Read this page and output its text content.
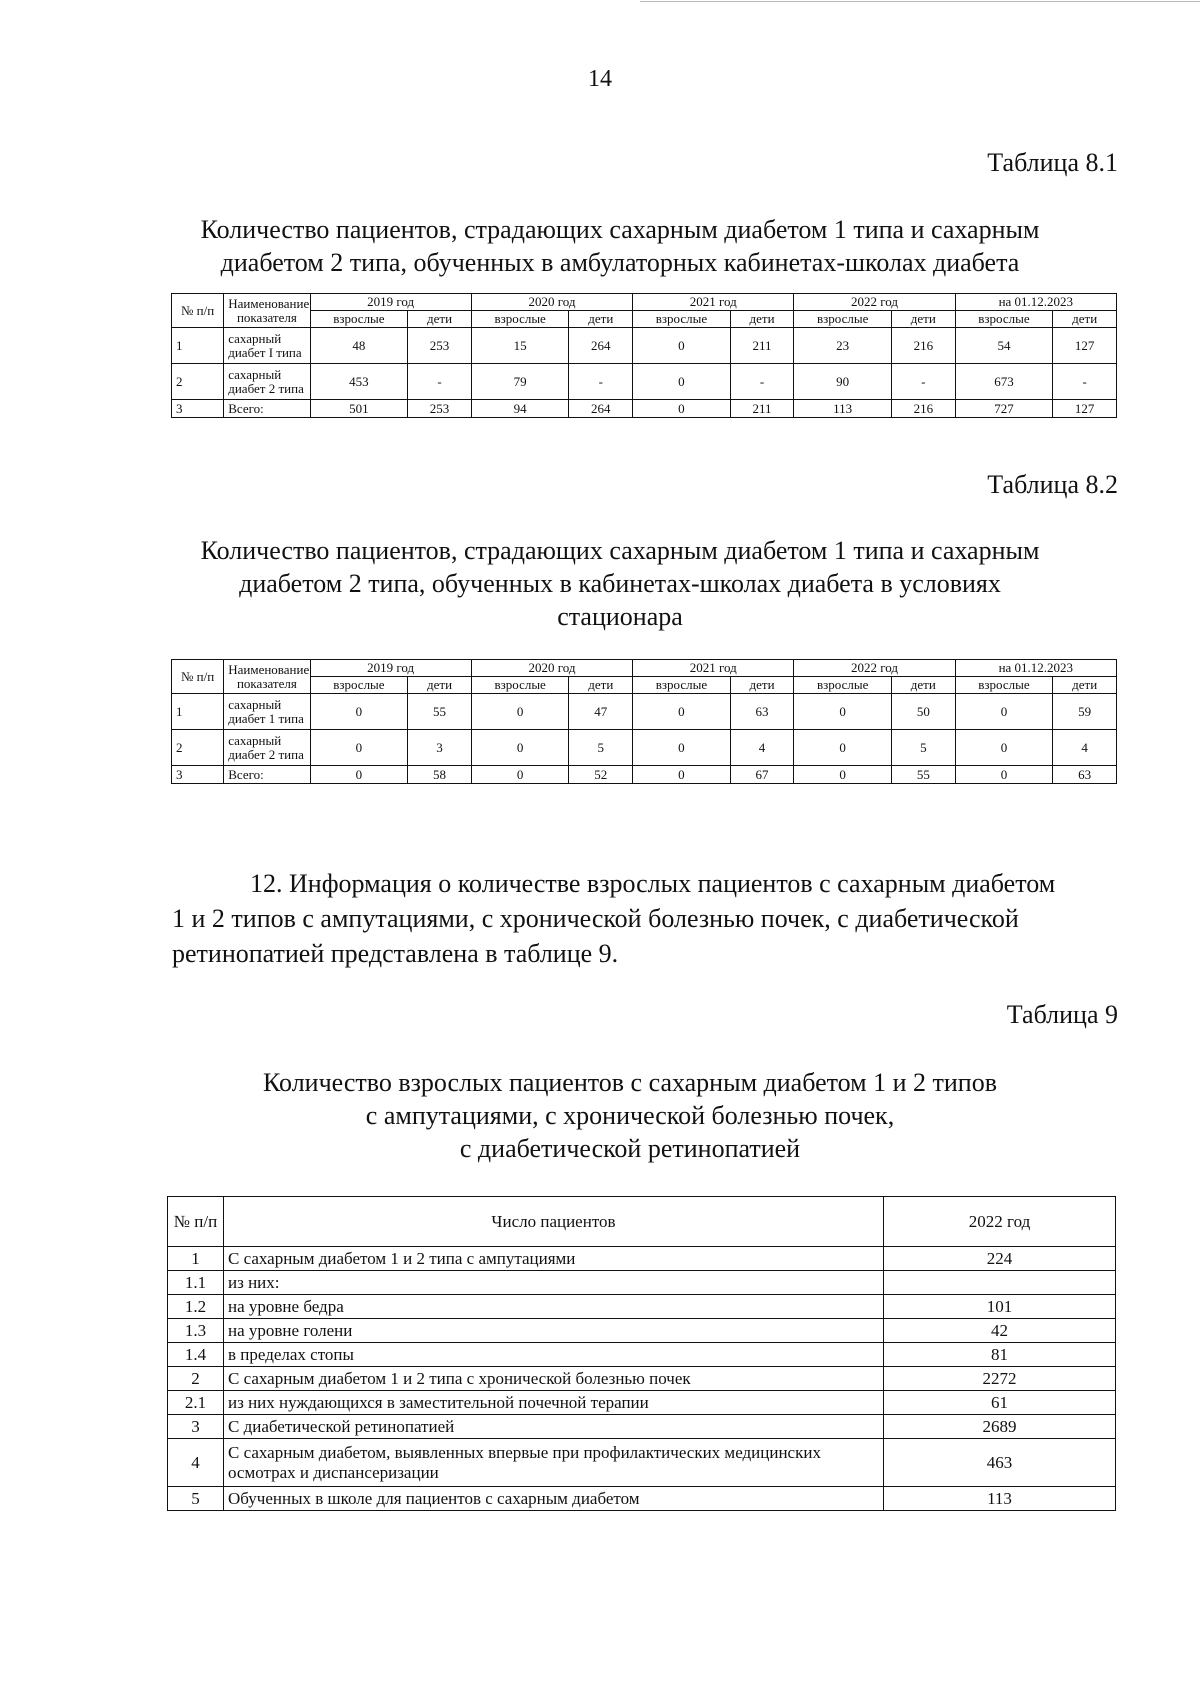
14
Таблица 8.1
Количество пациентов, страдающих сахарным диабетом 1 типа и сахарным
диабетом 2 типа, обученных в амбулаторных кабинетах-школах диабета
№ п/п	Наименование показателя	2019 год		2020 год		2021 год		2022 год		на 01.12.2023	
		взрослые	дети	взрослые	дети	взрослые	дети	взрослые	дети	взрослые	дети
1	сахарный диабет I типа	48	253	15	264	0	211	23	216	54	127
2	сахарный диабет 2 типа	453	-	79	-	0	-	90	-	673	-
3	Всего:	501	253	94	264	0	211	113	216	727	127
Таблица 8.2
Количество пациентов, страдающих сахарным диабетом 1 типа и сахарным
диабетом 2 типа, обученных в кабинетах-школах диабета в условиях
стационара
№ п/п	Наименование показателя	2019 год		2020 год		2021 год		2022 год		на 01.12.2023	
		взрослые	дети	взрослые	дети	взрослые	дети	взрослые	дети	взрослые	дети
1	сахарный диабет 1 типа	0	55	0	47	0	63	0	50	0	59
2	сахарный диабет 2 типа	0	3	0	5	0	4	0	5	0	4
3	Всего:	0	58	0	52	0	67	0	55	0	63
12. Информация о количестве взрослых пациентов с сахарным диабетом
1 и 2 типов с ампутациями, с хронической болезнью почек, с диабетической
ретинопатией представлена в таблице 9.
Таблица 9
Количество взрослых пациентов с сахарным диабетом 1 и 2 типов
с ампутациями, с хронической болезнью почек,
с диабетической ретинопатией
№ п/п	Число пациентов	2022 год
1	С сахарным диабетом 1 и 2 типа с ампутациями	224
1.1	из них:	
1.2	на уровне бедра	101
1.3	на уровне голени	42
1.4	в пределах стопы	81
2	С сахарным диабетом 1 и 2 типа с хронической болезнью почек	2272
2.1	из них нуждающихся в заместительной почечной терапии	61
3	С диабетической ретинопатией	2689
4	С сахарным диабетом, выявленных впервые при профилактических медицинских осмотрах и диспансеризации	463
5	Обученных в школе для пациентов с сахарным диабетом	113
